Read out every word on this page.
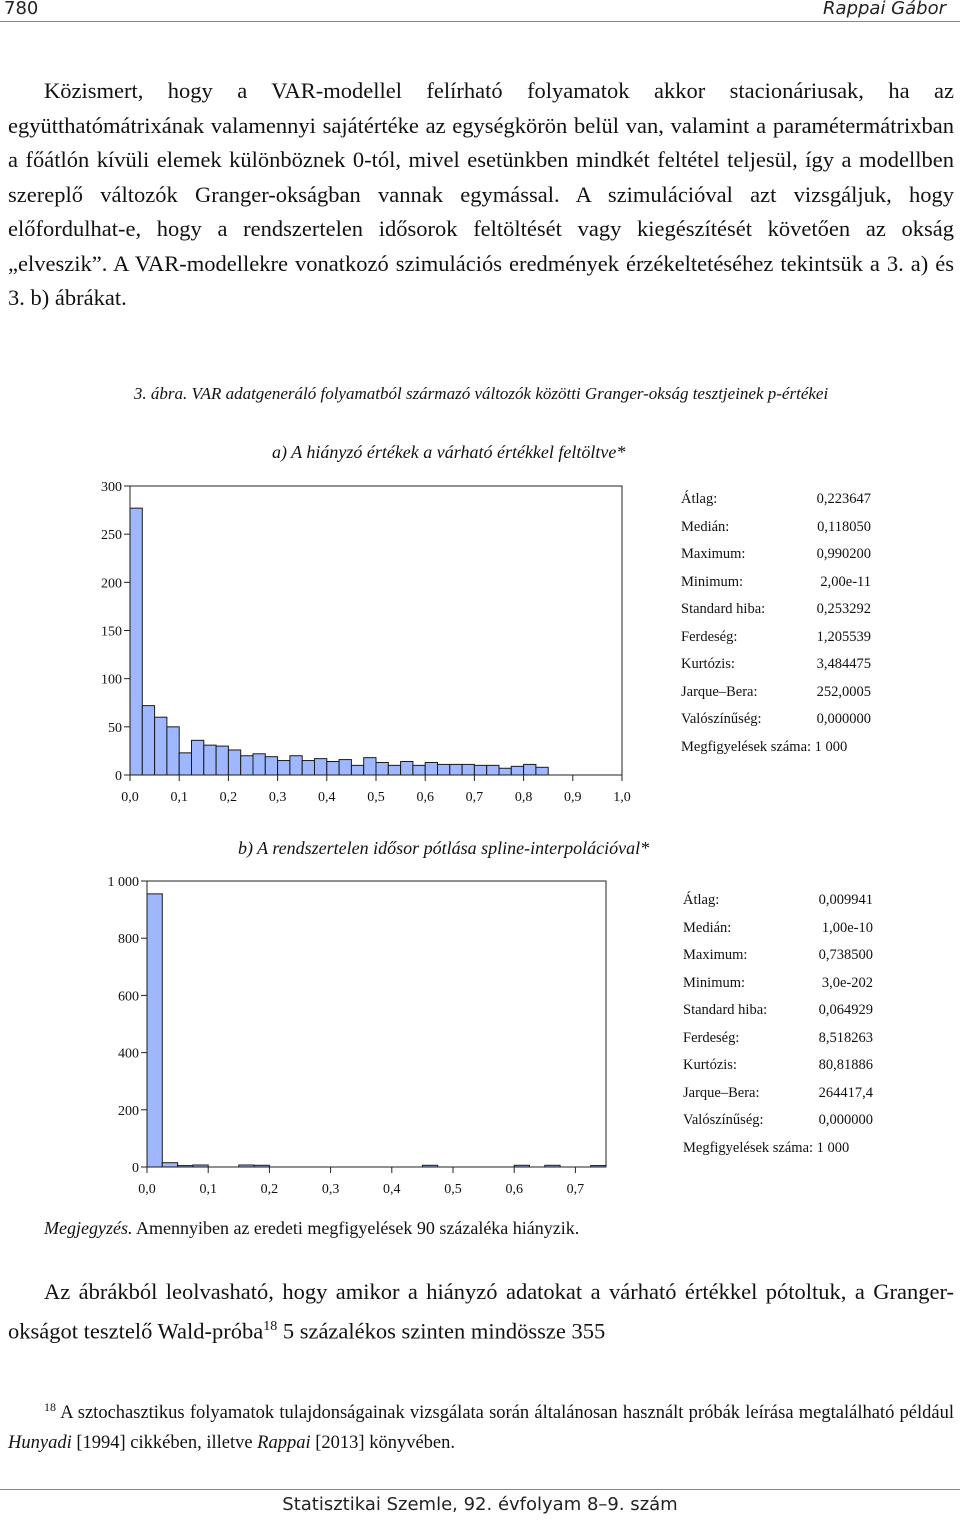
780	Rappai Gábor

Közismert, hogy a VAR-modellel felírható folyamatok akkor stacionáriusak, ha az együtthatómátrixának valamennyi sajátértéke az egységkörön belül van, valamint a paramétermátrixban a főátlón kívüli elemek különböznek 0-tól, mivel esetünkben mindkét feltétel teljesül, így a modellben szereplő változók Granger-okságban vannak egymással. A szimulációval azt vizsgáljuk, hogy előfordulhat-e, hogy a rendszertelen idősorok feltöltését vagy kiegészítését követően az okság „elveszik”. A VAR-modellekre vonatkozó szimulációs eredmények érzékeltetéséhez tekintsük a 3. a) és 3. b) ábrákat.

3. ábra. VAR adatgeneráló folyamatból származó változók közötti Granger-okság tesztjeinek p-értékei
a) A hiányzó értékek a várható értékkel feltöltve*
0
50
100
150
200
250
300
0,0 0,1 0,2 0,3 0,4 0,5 0,6 0,7 0,8 0,9 1,0
Átlag:	0,223647
Medián:	0,118050
Maximum:	0,990200
Minimum:	2,00e-11
Standard hiba:	0,253292
Ferdeség:	1,205539
Kurtózis:	3,484475
Jarque–Bera:	252,0005
Valószínűség:	0,000000
Megfigyelések száma: 1 000
b) A rendszertelen idősor pótlása spline-interpolációval*
0
200
400
600
800
1 000
0,0	0,1	0,2	0,3	0,4	0,5	0,6	0,7
Átlag:	0,009941
Medián:	1,00e-10
Maximum:	0,738500
Minimum:	3,0e-202
Standard hiba:	0,064929
Ferdeség:	8,518263
Kurtózis:	80,81886
Jarque–Bera:	264417,4
Valószínűség:	0,000000
Megfigyelések száma: 1 000
Megjegyzés. Amennyiben az eredeti megfigyelések 90 százaléka hiányzik.

Az ábrákból leolvasható, hogy amikor a hiányzó adatokat a várható értékkel pótoltuk, a Granger-okságot tesztelő Wald-próba$^{18}$ 5 százalékos szinten mindössze 355

$^{18}$ A sztochasztikus folyamatok tulajdonságainak vizsgálata során általánosan használt próbák leírása megtalálható például Hunyadi [1994] cikkében, illetve Rappai [2013] könyvében.

Statisztikai Szemle, 92. évfolyam 8–9. szám
